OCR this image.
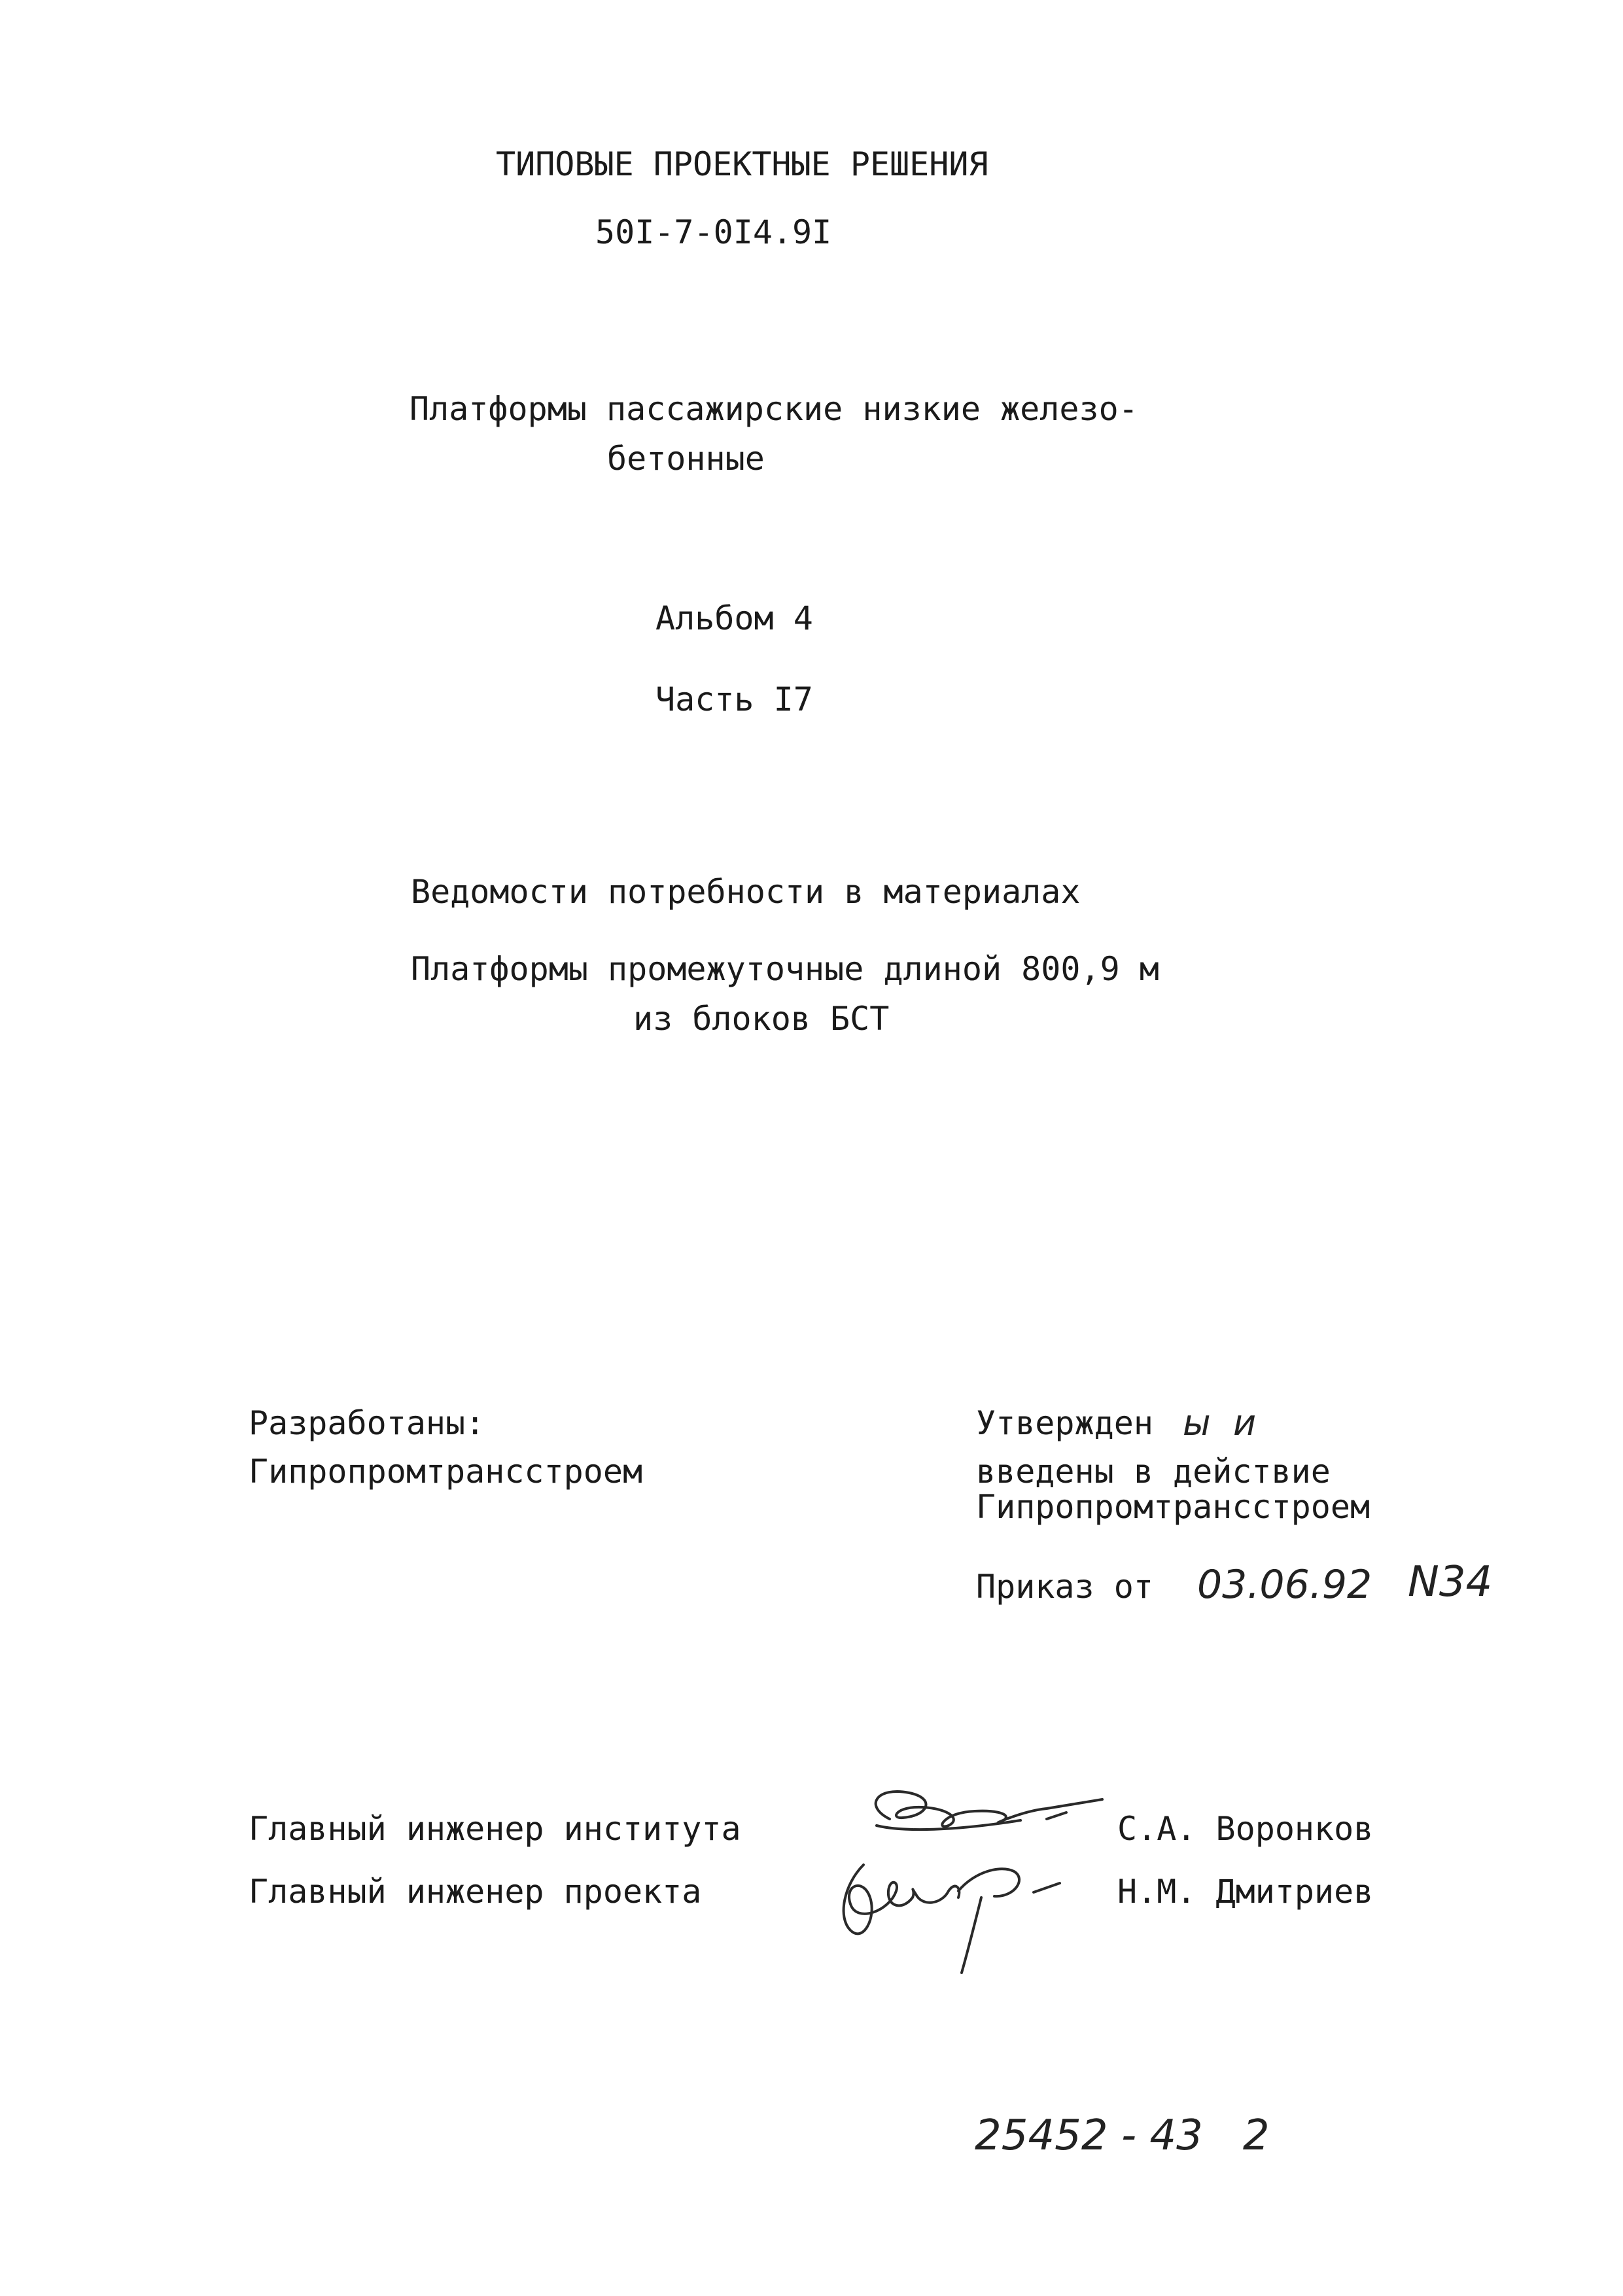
ТИПОВЫЕ ПРОЕКТНЫЕ РЕШЕНИЯ
50I-7-0I4.9I
Платформы пассажирские низкие железо-
бетонные
Альбом 4
Часть I7
Ведомости потребности в материалах
Платформы промежуточные длиной 800,9 м
из блоков БСТ
Разработаны:
Гипропромтрансстроем
Утвержден ы  и
введены в действие
Гипропромтрансстроем
Приказ от 03.06.92 N34
Главный инженер института	С.А. Воронков
Главный инженер проекта	Н.М. Дмитриев
25452 - 43   2
